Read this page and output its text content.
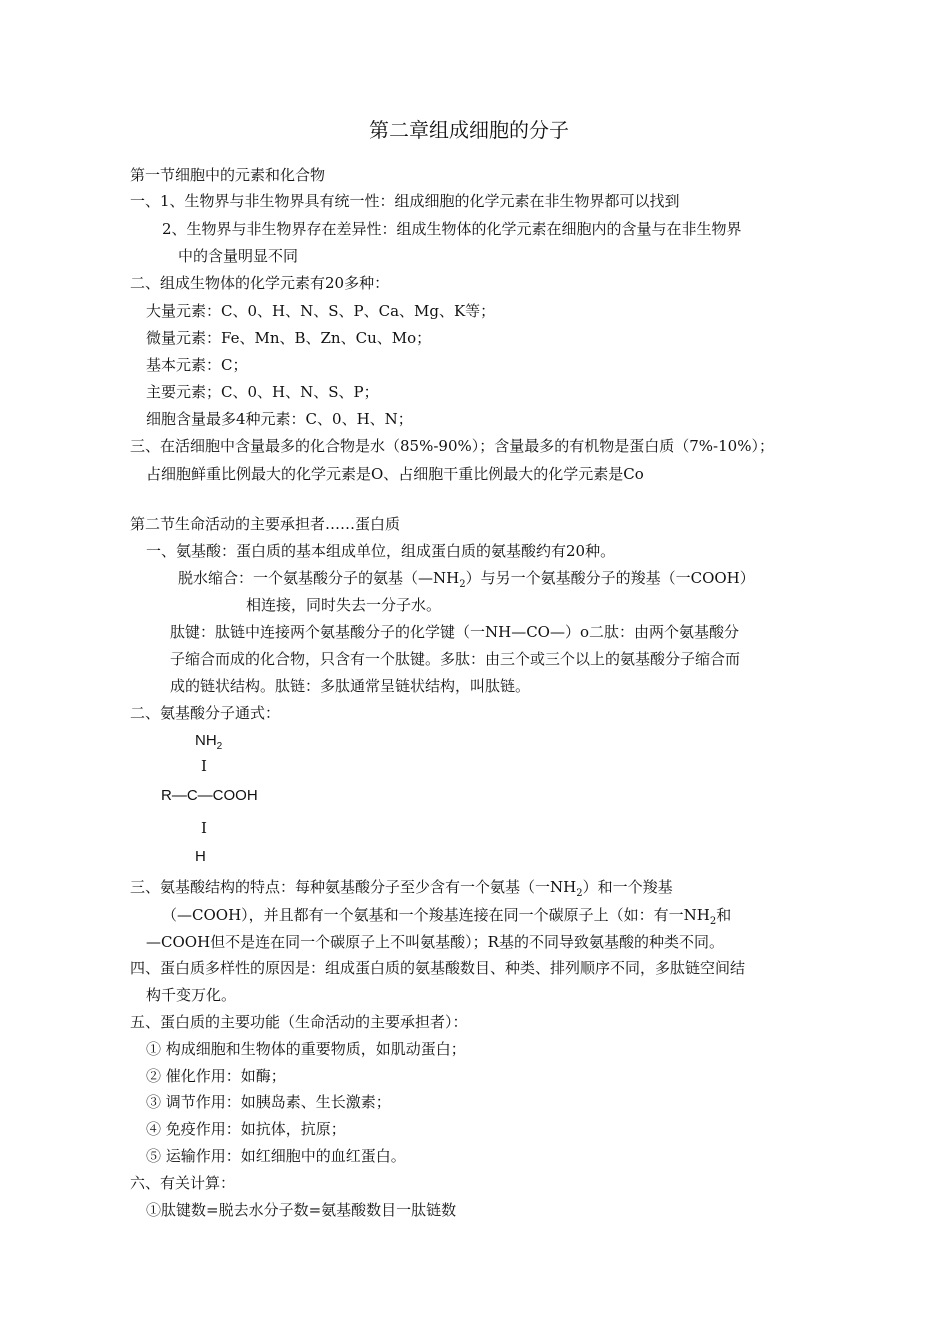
第二章组成细胞的分子
第一节细胞中的元素和化合物
一、1、生物界与非生物界具有统一性：组成细胞的化学元素在非生物界都可以找到
2、生物界与非生物界存在差异性：组成生物体的化学元素在细胞内的含量与在非生物界
中的含量明显不同
二、组成生物体的化学元素有20多种：
大量元素：C、0、H、N、S、P、Ca、Mg、K等；
微量元素：Fe、Mn、B、Zn、Cu、Mo；
基本元素：C；
主要元素；C、0、H、N、S、P；
细胞含量最多4种元素：C、0、H、N；
三、在活细胞中含量最多的化合物是水（85%-90%）；含量最多的有机物是蛋白质（7%-10%）；
占细胞鲜重比例最大的化学元素是O、占细胞干重比例最大的化学元素是Co
第二节生命活动的主要承担者……蛋白质
一、氨基酸：蛋白质的基本组成单位，组成蛋白质的氨基酸约有20种。
脱水缩合：一个氨基酸分子的氨基$(—NH_2)$与另一个氨基酸分子的羧基（一COOH）
相连接，同时失去一分子水。
肽键：肽链中连接两个氨基酸分子的化学键（一NH—CO—）o二肽：由两个氨基酸分
子缩合而成的化合物，只含有一个肽键。多肽：由三个或三个以上的氨基酸分子缩合而
成的链状结构。肽链：多肽通常呈链状结构，叫肽链。
二、氨基酸分子通式：
$NH_2$
I
R—C—COOH
I
H
三、氨基酸结构的特点：每种氨基酸分子至少含有一个氨基（一$NH_2$）和一个羧基
（—COOH），并且都有一个氨基和一个羧基连接在同一个碳原子上（如：有一$NH_2$和
—COOH但不是连在同一个碳原子上不叫氨基酸）；R基的不同导致氨基酸的种类不同。
四、蛋白质多样性的原因是：组成蛋白质的氨基酸数目、种类、排列顺序不同，多肽链空间结
构千变万化。
五、蛋白质的主要功能（生命活动的主要承担者）：
① 构成细胞和生物体的重要物质，如肌动蛋白；
② 催化作用：如酶；
③ 调节作用：如胰岛素、生长激素；
④ 免疫作用：如抗体，抗原；
⑤ 运输作用：如红细胞中的血红蛋白。
六、有关计算：
①肽键数=脱去水分子数=氨基酸数目一肽链数
